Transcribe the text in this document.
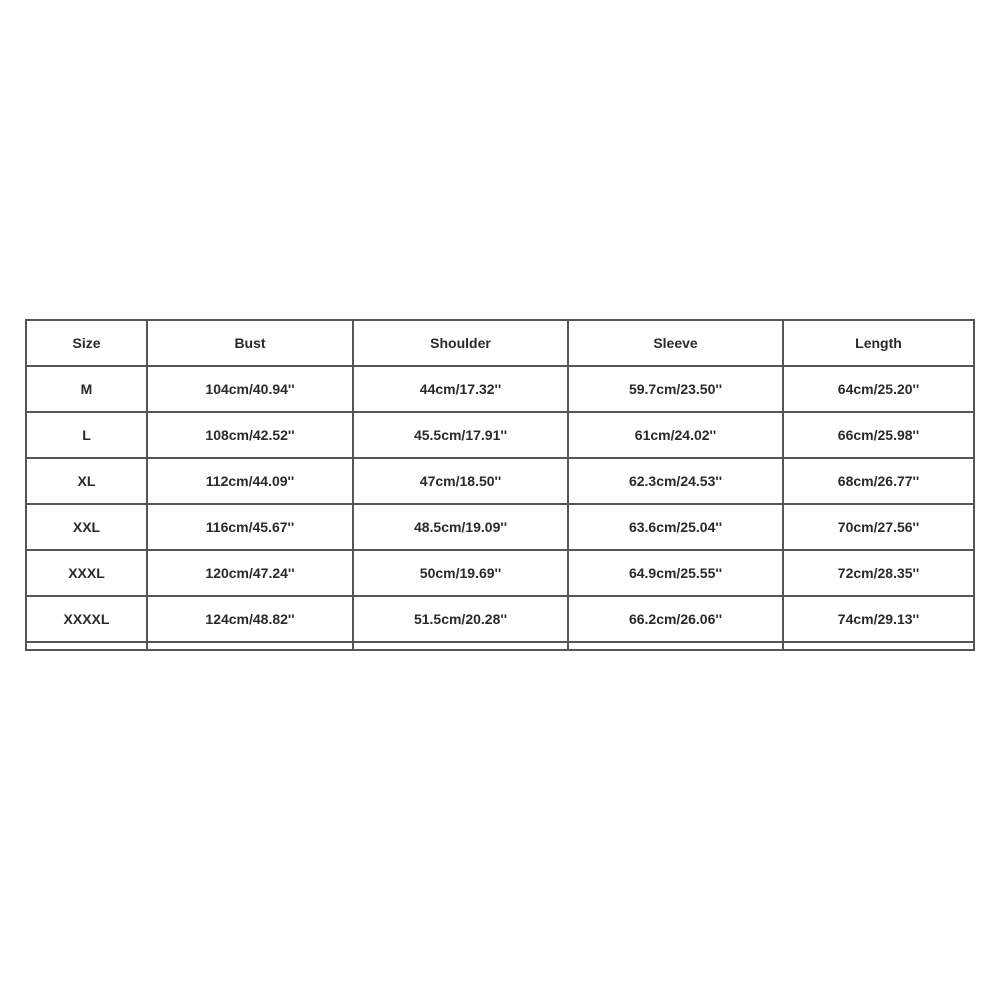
Size	Bust	Shoulder	Sleeve	Length
M	104cm/40.94''	44cm/17.32''	59.7cm/23.50''	64cm/25.20''
L	108cm/42.52''	45.5cm/17.91''	61cm/24.02''	66cm/25.98''
XL	112cm/44.09''	47cm/18.50''	62.3cm/24.53''	68cm/26.77''
XXL	116cm/45.67''	48.5cm/19.09''	63.6cm/25.04''	70cm/27.56''
XXXL	120cm/47.24''	50cm/19.69''	64.9cm/25.55''	72cm/28.35''
XXXXL	124cm/48.82''	51.5cm/20.28''	66.2cm/26.06''	74cm/29.13''
